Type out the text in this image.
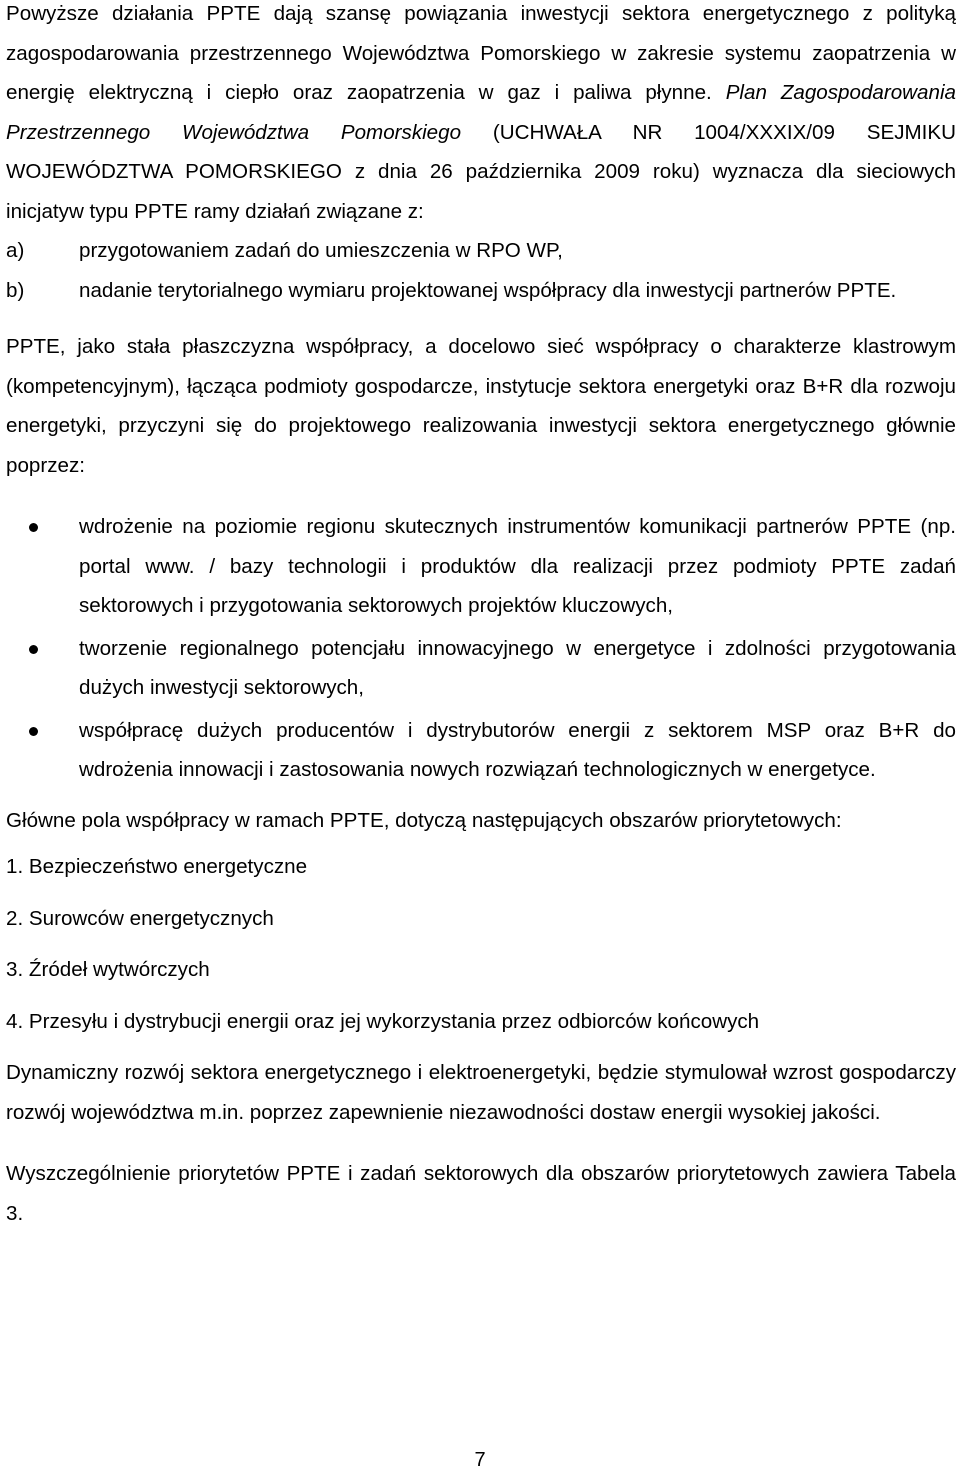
Powyższe działania PPTE dają szansę powiązania inwestycji sektora energetycznego z polityką zagospodarowania przestrzennego Województwa Pomorskiego w zakresie systemu zaopatrzenia w energię elektryczną i ciepło oraz zaopatrzenia w gaz i paliwa płynne. Plan Zagospodarowania Przestrzennego Województwa Pomorskiego (UCHWAŁA NR 1004/XXXIX/09 SEJMIKU WOJEWÓDZTWA POMORSKIEGO z dnia 26 października 2009 roku) wyznacza dla sieciowych inicjatyw typu PPTE ramy działań związane z:

a)	przygotowaniem zadań do umieszczenia w RPO WP,
b)	nadanie terytorialnego wymiaru projektowanej współpracy dla inwestycji partnerów PPTE.

PPTE, jako stała płaszczyzna współpracy, a docelowo sieć współpracy o charakterze klastrowym (kompetencyjnym), łącząca podmioty gospodarcze, instytucje sektora energetyki oraz B+R dla rozwoju energetyki, przyczyni się do projektowego realizowania inwestycji sektora energetycznego głównie poprzez:

wdrożenie na poziomie regionu skutecznych instrumentów komunikacji partnerów PPTE (np. portal www. / bazy technologii i produktów dla realizacji przez podmioty PPTE zadań sektorowych i przygotowania sektorowych projektów kluczowych,
tworzenie regionalnego potencjału innowacyjnego w energetyce i zdolności przygotowania dużych inwestycji sektorowych,
współpracę dużych producentów i dystrybutorów energii z sektorem MSP oraz B+R do wdrożenia innowacji i zastosowania nowych rozwiązań technologicznych w energetyce.

Główne pola współpracy w ramach PPTE, dotyczą następujących obszarów priorytetowych:

1. Bezpieczeństwo energetyczne

2. Surowców energetycznych

3. Źródeł wytwórczych

4. Przesyłu i dystrybucji energii oraz jej wykorzystania przez odbiorców końcowych

Dynamiczny rozwój sektora energetycznego i elektroenergetyki, będzie stymulował wzrost gospodarczy rozwój województwa m.in. poprzez zapewnienie niezawodności dostaw energii wysokiej jakości.

Wyszczególnienie priorytetów PPTE i zadań sektorowych dla obszarów priorytetowych zawiera Tabela 3.

7
